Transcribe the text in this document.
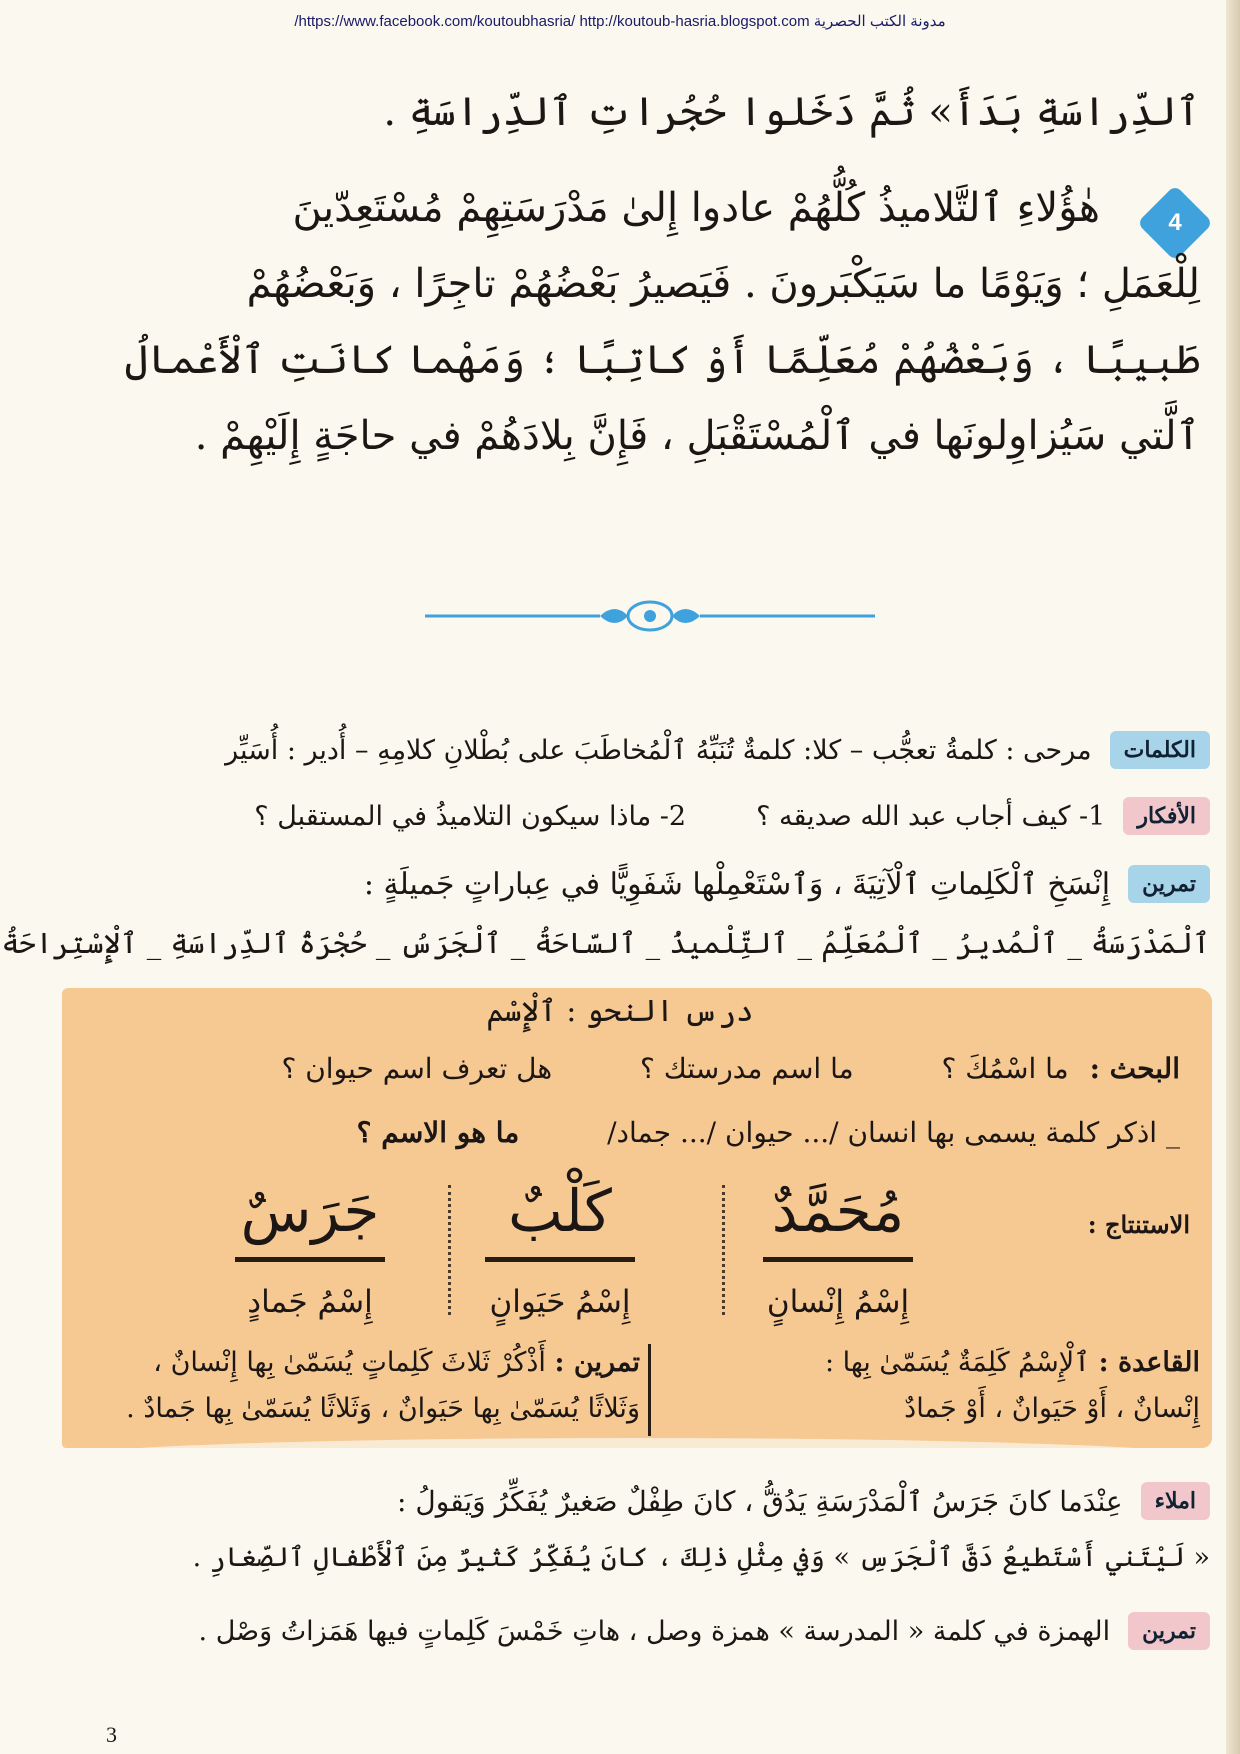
/https://www.facebook.com/koutoubhasria/ http://koutoub-hasria.blogspot.com مدونة الكتب الحصرية
ٱلدِّراسَةِ بَدَأَ» ثُمَّ دَخَلوا حُجُراتِ ٱلدِّراسَةِ .
4
هٰؤُلاءِ ٱلتَّلاميذُ كُلُّهُمْ عادوا إِلىٰ مَدْرَسَتِهِمْ مُسْتَعِدّينَ
لِلْعَمَلِ ؛ وَيَوْمًا ما سَيَكْبَرونَ . فَيَصيرُ بَعْضُهُمْ تاجِرًا ، وَبَعْضُهُمْ
طَبيبًا ، وَبَعْضُهُمْ مُعَلِّمًا أَوْ كاتِبًا ؛ وَمَهْما كانَتِ ٱلْأَعْمالُ
ٱلَّتي سَيُزاوِلونَها في ٱلْمُسْتَقْبَلِ ، فَإِنَّ بِلادَهُمْ في حاجَةٍ إِلَيْهِمْ .
الكلمات
مرحى : كلمةُ تعجُّب – كلا: كلمةٌ تُنَبِّهُ ٱلْمُخاطَبَ على بُطْلانِ كلامِهِ – أُدير : أُسَيِّر
الأفكار
1- كيف أجاب عبد الله صديقه ؟
2- ماذا سيكون التلاميذُ في المستقبل ؟
تمرين
إِنْسَخِ ٱلْكَلِماتِ ٱلْآتِيَةَ ، وَٱسْتَعْمِلْها شَفَوِيًّا في عِباراتٍ جَميلَةٍ :
ٱلْمَدْرَسَةُ _ ٱلْمُديرُ _ ٱلْمُعَلِّمُ _ ٱلتِّلْميذُ _ ٱلسّاحَةُ _ ٱلْجَرَسُ _ حُجْرَةُ ٱلدِّراسَةِ _ ٱلْإِسْتِراحَةُ
درس النحو : ٱلْإِسْم
البحث : ما اسْمُكَ ؟  ما اسم مدرستك ؟  هل تعرف اسم حيوان ؟
_ اذكر كلمة يسمى بها انسان /... حيوان /... جماد/  ما هو الاسم ؟
الاستنتاج :
مُحَمَّدٌ
إِسْمُ إِنْسانٍ
كَلْبٌ
إِسْمُ حَيَوانٍ
جَرَسٌ
إِسْمُ جَمادٍ
القاعدة : ٱلْإِسْمُ كَلِمَةٌ يُسَمّىٰ بِها :
إِنْسانٌ ، أَوْ حَيَوانٌ ، أَوْ جَمادٌ
تمرين : أَذْكُرْ ثَلاثَ كَلِماتٍ يُسَمّىٰ بِها إِنْسانٌ ،
وَثَلاثًا يُسَمّىٰ بِها حَيَوانٌ ، وَثَلاثًا يُسَمّىٰ بِها جَمادٌ .
املاء
عِنْدَما كانَ جَرَسُ ٱلْمَدْرَسَةِ يَدُقُّ ، كانَ طِفْلٌ صَغيرٌ يُفَكِّرُ وَيَقولُ :
« لَيْتَني أَسْتَطيعُ دَقَّ ٱلْجَرَسِ » وَفي مِثْلِ ذٰلِكَ ، كانَ يُفَكِّرُ كَثيرٌ مِنَ ٱلْأَطْفالِ ٱلصِّغارِ .
تمرين
الهمزة في كلمة « المدرسة » همزة وصل ، هاتِ خَمْسَ كَلِماتٍ فيها هَمَزاتُ وَصْل .
3
